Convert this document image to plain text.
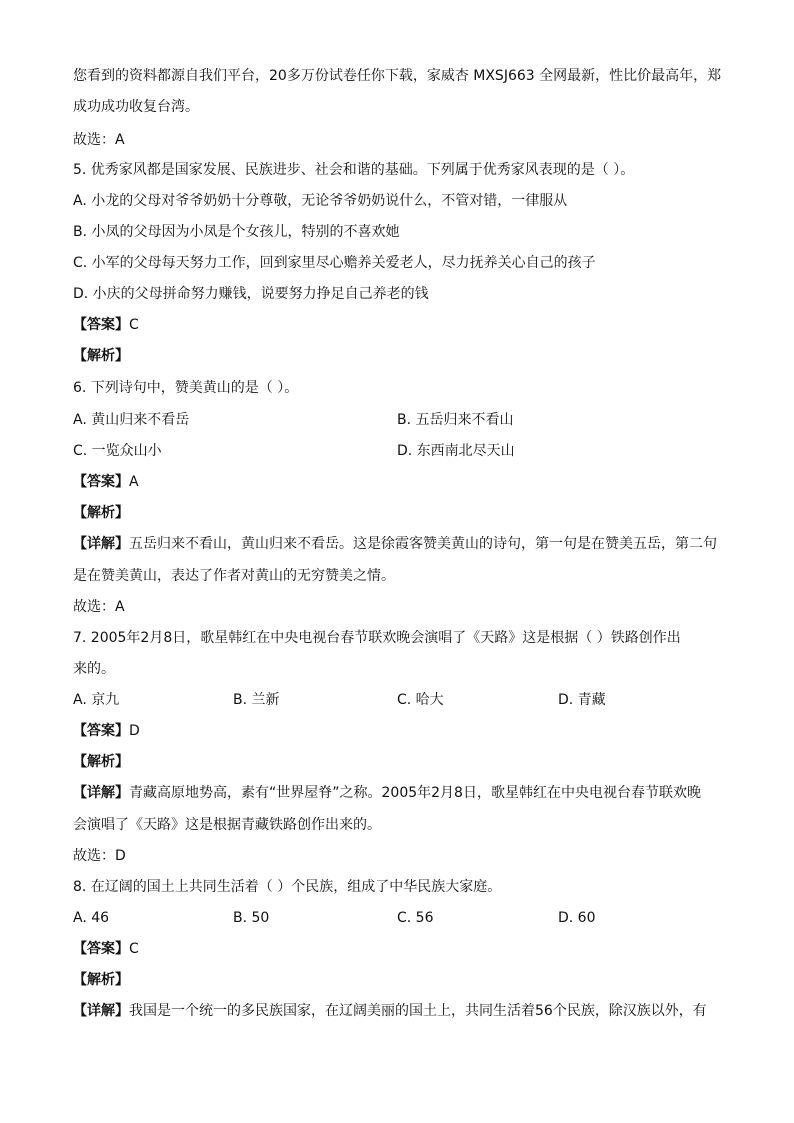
您看到的资料都源自我们平台，20多万份试卷任你下载，家威杏 MXSJ663 全网最新，性比价最高年，郑
成功成功收复台湾。
故选：A
5. 优秀家风都是国家发展、民族进步、社会和谐的基础。下列属于优秀家风表现的是（ ）。
A. 小龙的父母对爷爷奶奶十分尊敬，无论爷爷奶奶说什么，不管对错，一律服从
B. 小凤的父母因为小凤是个女孩儿，特别的不喜欢她
C. 小军的父母每天努力工作，回到家里尽心赡养关爱老人，尽力抚养关心自己的孩子
D. 小庆的父母拼命努力赚钱，说要努力挣足自己养老的钱
【答案】C
【解析】
6. 下列诗句中，赞美黄山的是（ ）。
A. 黄山归来不看岳	B. 五岳归来不看山
C. 一览众山小	D. 东西南北尽天山
【答案】A
【解析】
【详解】五岳归来不看山，黄山归来不看岳。这是徐霞客赞美黄山的诗句，第一句是在赞美五岳，第二句
是在赞美黄山，表达了作者对黄山的无穷赞美之情。
故选：A
7. 2005年2月8日，歌星韩红在中央电视台春节联欢晚会演唱了《天路》这是根据（ ）铁路创作出
来的。
A. 京九	B. 兰新	C. 哈大	D. 青藏
【答案】D
【解析】
【详解】青藏高原地势高，素有“世界屋脊”之称。2005年2月8日，歌星韩红在中央电视台春节联欢晚
会演唱了《天路》这是根据青藏铁路创作出来的。
故选：D
8. 在辽阔的国土上共同生活着（ ）个民族，组成了中华民族大家庭。
A. 46	B. 50	C. 56	D. 60
【答案】C
【解析】
【详解】我国是一个统一的多民族国家，在辽阔美丽的国土上，共同生活着56个民族，除汉族以外，有
